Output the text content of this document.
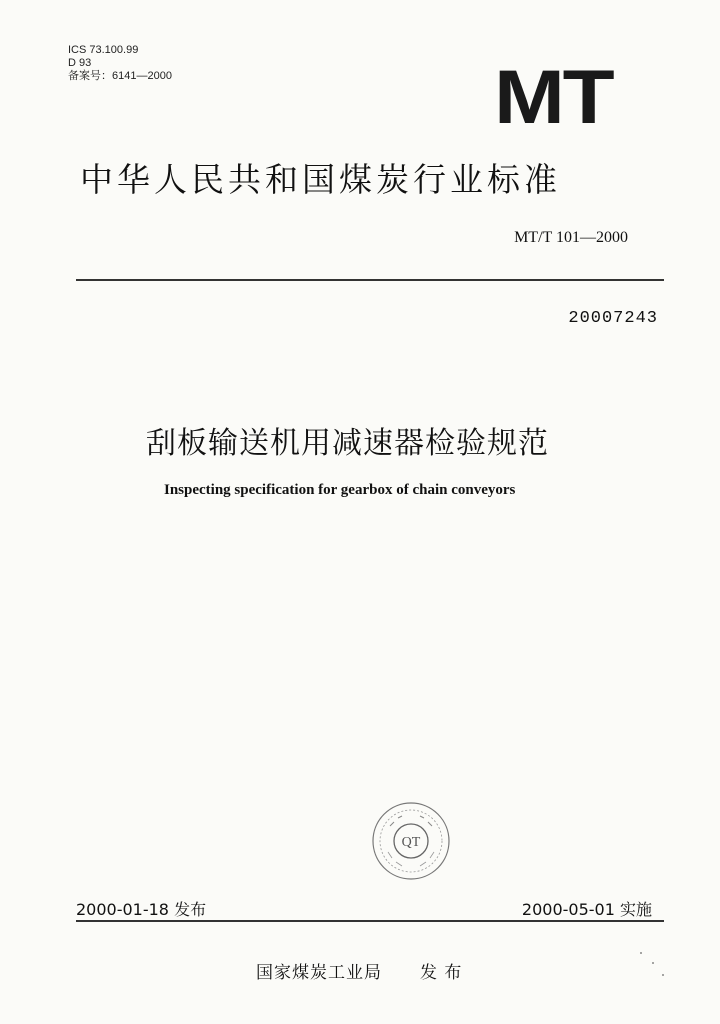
ICS 73.100.99
D 93
备案号：6141—2000	MT
中华人民共和国煤炭行业标准
MT/T 101—2000
20007243
刮板输送机用减速器检验规范
Inspecting specification for gearbox of chain conveyors
QT
2000-01-18 发布	2000-05-01 实施
国家煤炭工业局 发 布
